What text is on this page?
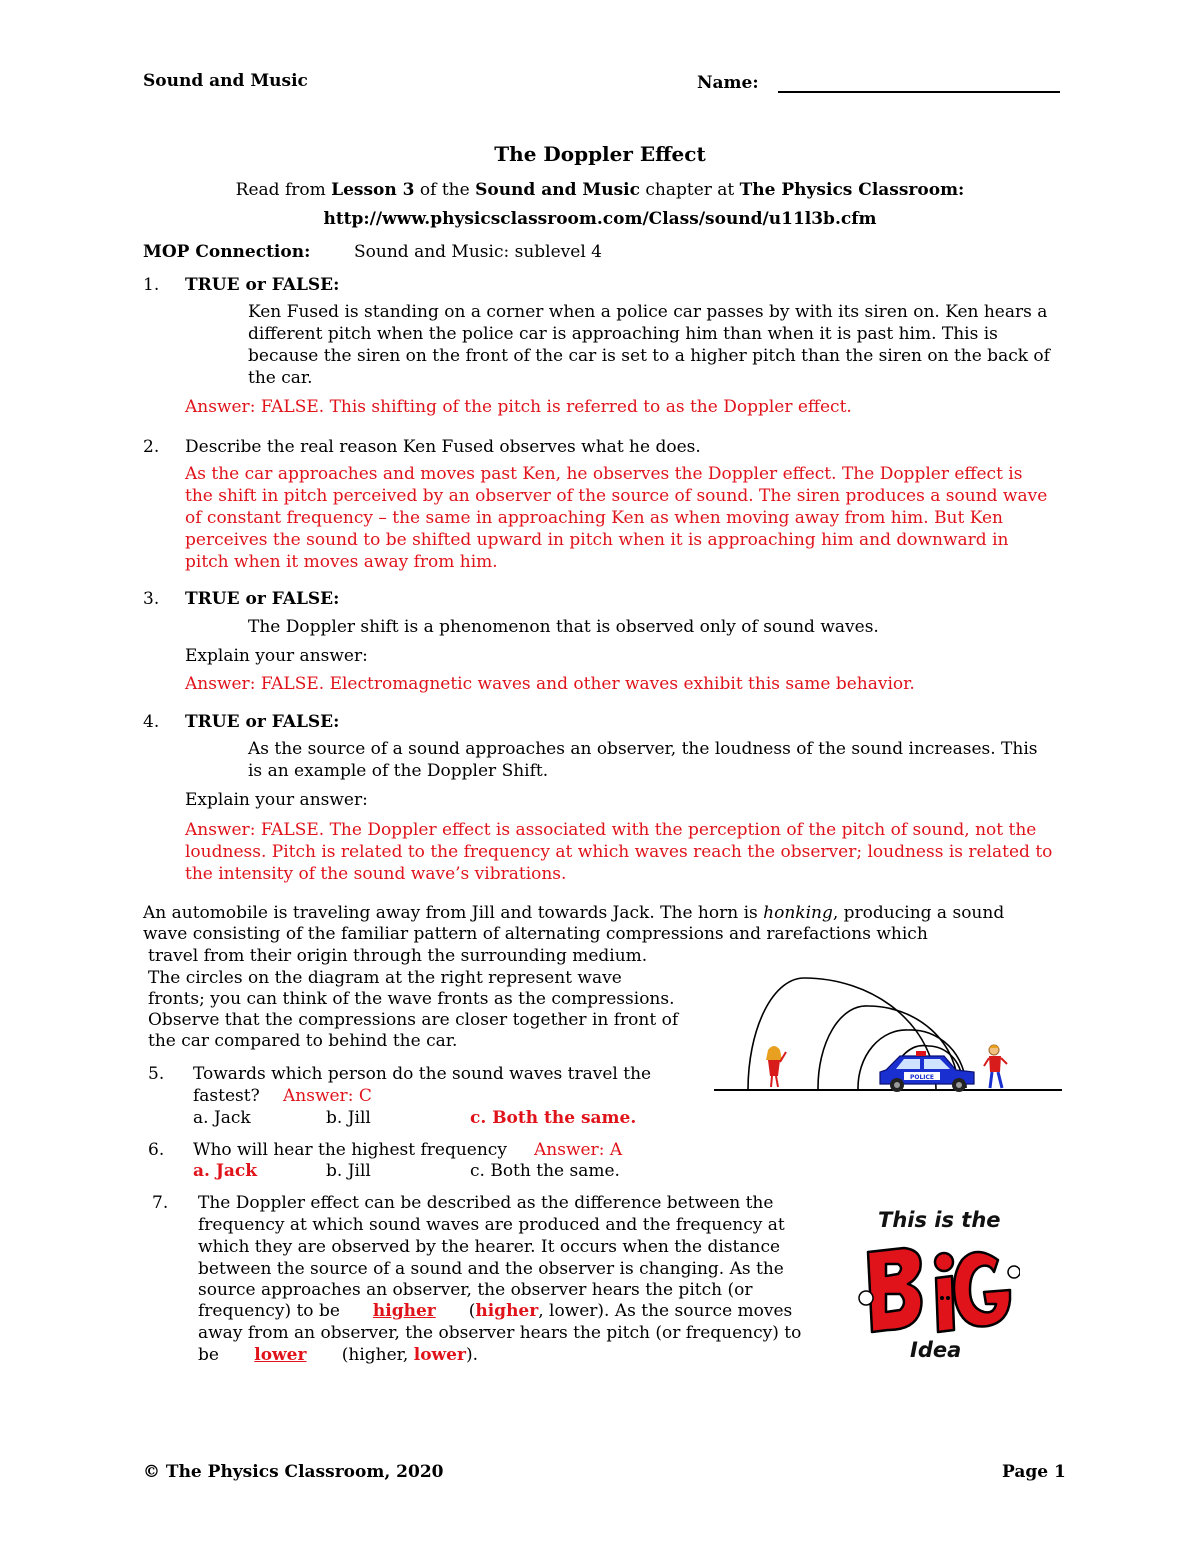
Sound and Music	Name:
The Doppler Effect
Read from Lesson 3 of the Sound and Music chapter at The Physics Classroom:
http://www.physicsclassroom.com/Class/sound/u11l3b.cfm
MOP Connection:	Sound and Music: sublevel 4
1. TRUE or FALSE:
Ken Fused is standing on a corner when a police car passes by with its siren on. Ken hears a
different pitch when the police car is approaching him than when it is past him. This is
because the siren on the front of the car is set to a higher pitch than the siren on the back of
the car.
Answer: FALSE. This shifting of the pitch is referred to as the Doppler effect.
2. Describe the real reason Ken Fused observes what he does.
As the car approaches and moves past Ken, he observes the Doppler effect. The Doppler effect is
the shift in pitch perceived by an observer of the source of sound. The siren produces a sound wave
of constant frequency – the same in approaching Ken as when moving away from him. But Ken
perceives the sound to be shifted upward in pitch when it is approaching him and downward in
pitch when it moves away from him.
3. TRUE or FALSE:
The Doppler shift is a phenomenon that is observed only of sound waves.
Explain your answer:
Answer: FALSE. Electromagnetic waves and other waves exhibit this same behavior.
4. TRUE or FALSE:
As the source of a sound approaches an observer, the loudness of the sound increases. This
is an example of the Doppler Shift.
Explain your answer:
Answer: FALSE. The Doppler effect is associated with the perception of the pitch of sound, not the
loudness. Pitch is related to the frequency at which waves reach the observer; loudness is related to
the intensity of the sound wave’s vibrations.
An automobile is traveling away from Jill and towards Jack. The horn is honking, producing a sound
wave consisting of the familiar pattern of alternating compressions and rarefactions which
travel from their origin through the surrounding medium.
The circles on the diagram at the right represent wave
fronts; you can think of the wave fronts as the compressions.
Observe that the compressions are closer together in front of
the car compared to behind the car.
POLICE
5. Towards which person do the sound waves travel the
fastest? Answer: C
a. Jack	b. Jill	c. Both the same.
6. Who will hear the highest frequency Answer: A
a. Jack	b. Jill	c. Both the same.
7. The Doppler effect can be described as the difference between the
frequency at which sound waves are produced and the frequency at
which they are observed by the hearer. It occurs when the distance
between the source of a sound and the observer is changing. As the
source approaches an observer, the observer hears the pitch (or
frequency) to be higher (higher, lower). As the source moves
away from an observer, the observer hears the pitch (or frequency) to
be lower (higher, lower).
This is the
Idea
© The Physics Classroom, 2020	Page 1
